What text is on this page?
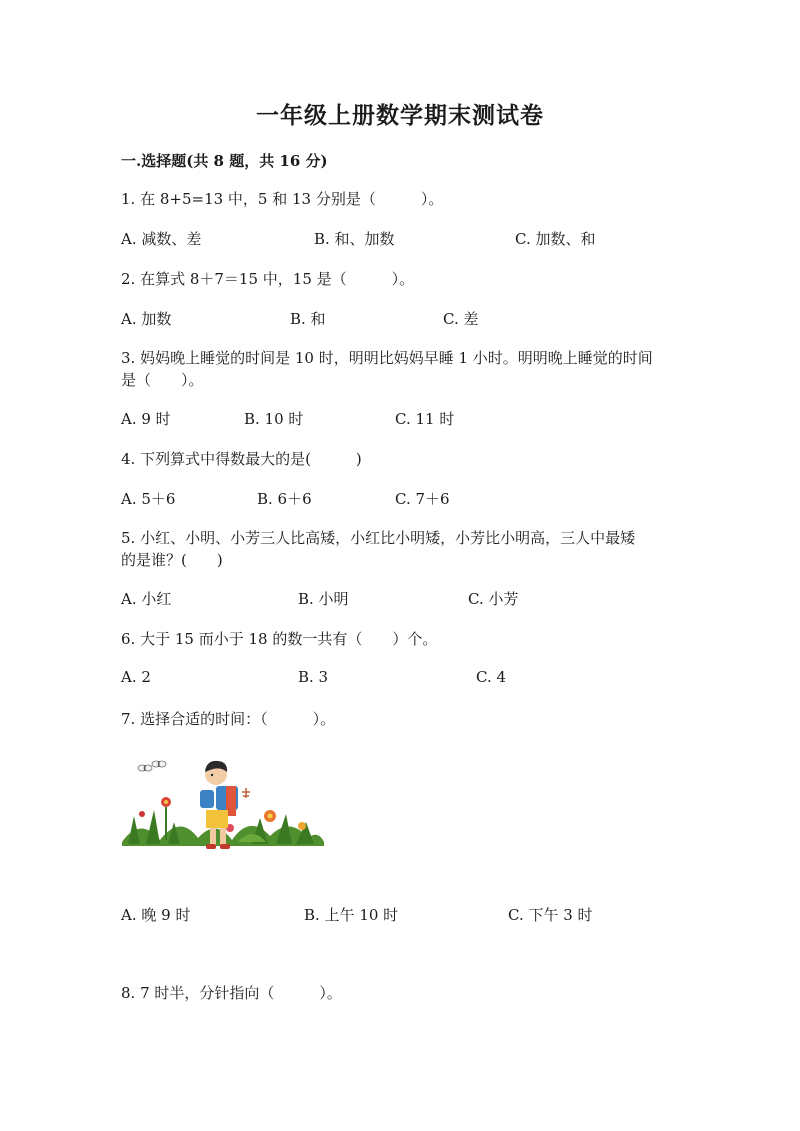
一年级上册数学期末测试卷
一.选择题(共 8 题，共 16 分)
1. 在 8+5=13 中，5 和 13 分别是（　　　）。
A. 减数、差	B. 和、加数	C. 加数、和
2. 在算式 8＋7＝15 中，15 是（　　　）。
A. 加数	B. 和	C. 差
3. 妈妈晚上睡觉的时间是 10 时，明明比妈妈早睡 1 小时。明明晚上睡觉的时间
是（　　）。
A. 9 时	B. 10 时	C. 11 时
4. 下列算式中得数最大的是(　　　)
A. 5＋6	B. 6＋6	C. 7＋6
5. 小红、小明、小芳三人比高矮，小红比小明矮，小芳比小明高，三人中最矮
的是谁？(　　)
A. 小红	B. 小明	C. 小芳
6. 大于 15 而小于 18 的数一共有（　　）个。
A. 2	B. 3	C. 4
7. 选择合适的时间：（　　　）。
A. 晚 9 时	B. 上午 10 时	C. 下午 3 时
8. 7 时半，分针指向（　　　）。
